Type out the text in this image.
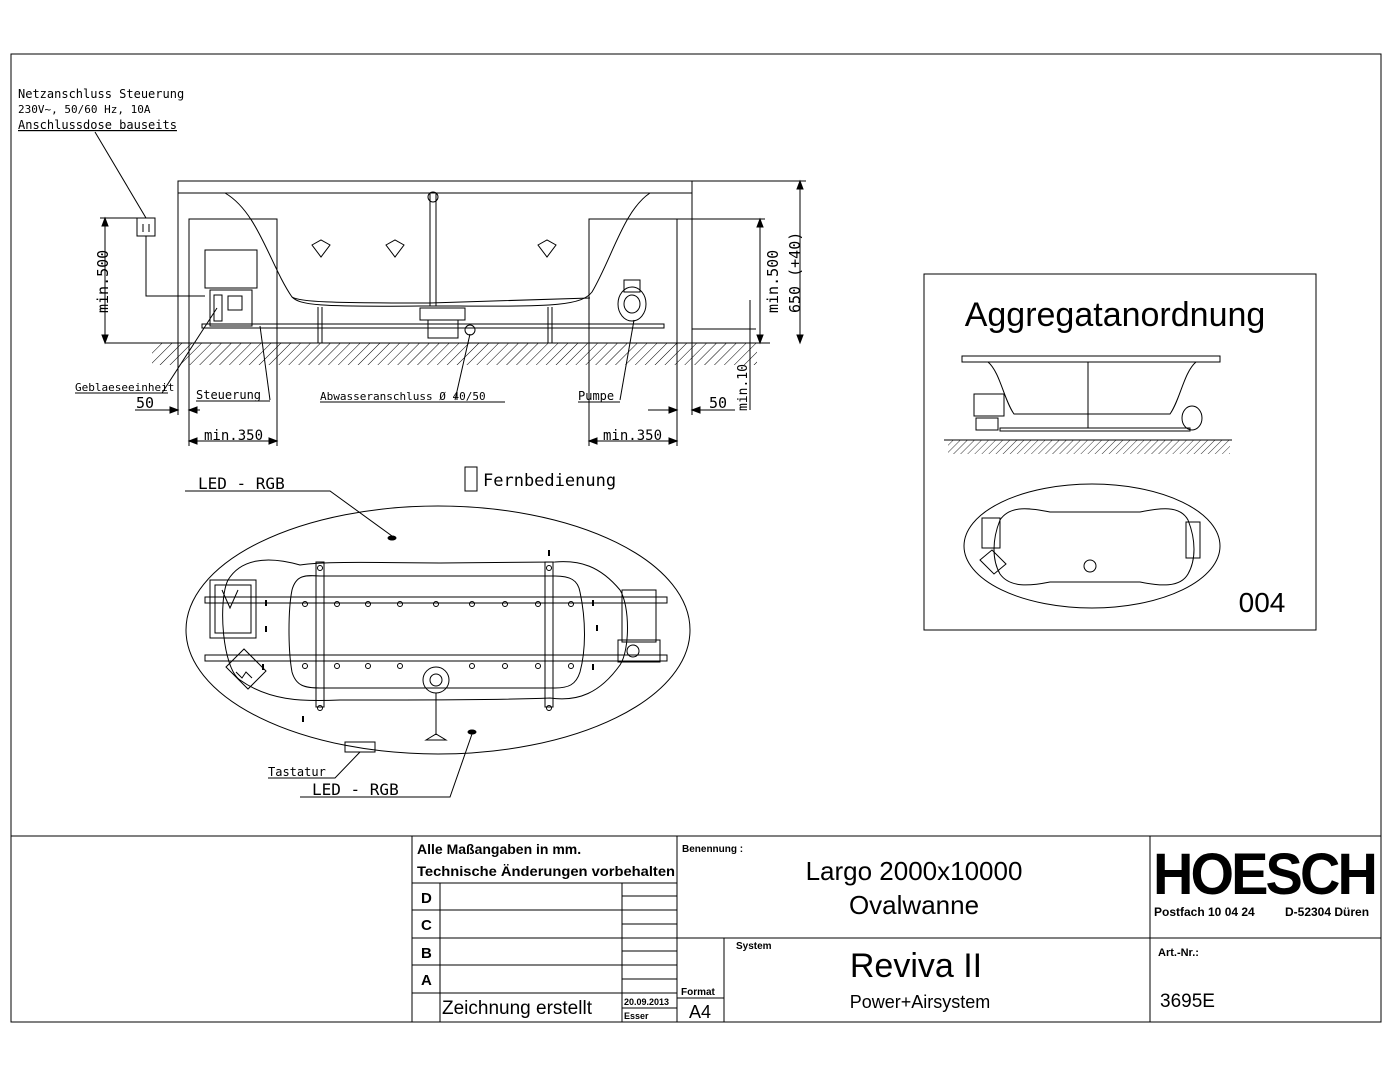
Netzanschluss Steuerung
230V~, 50/60 Hz, 10A
Anschlussdose bauseits
Geblaeseeinheit
Steuerung	Abwasseranschluss Ø 40/50	Pumpe
50	50
min.350	min.350
min.500	min.500 650 (+40)
min.10
LED - RGB	Fernbedienung
Tastatur
LED - RGB
Aggregatanordnung
004
Alle Maßangaben in mm.
Technische Änderungen vorbehalten
D
C
B
A
Zeichnung erstellt	20.09.2013
Esser
Format
A4
Benennung :
Largo 2000x10000
Ovalwanne
System
Reviva II
Power+Airsystem
HOESCH
Postfach 10 04 24	D-52304 Düren
Art.-Nr.:
3695E
